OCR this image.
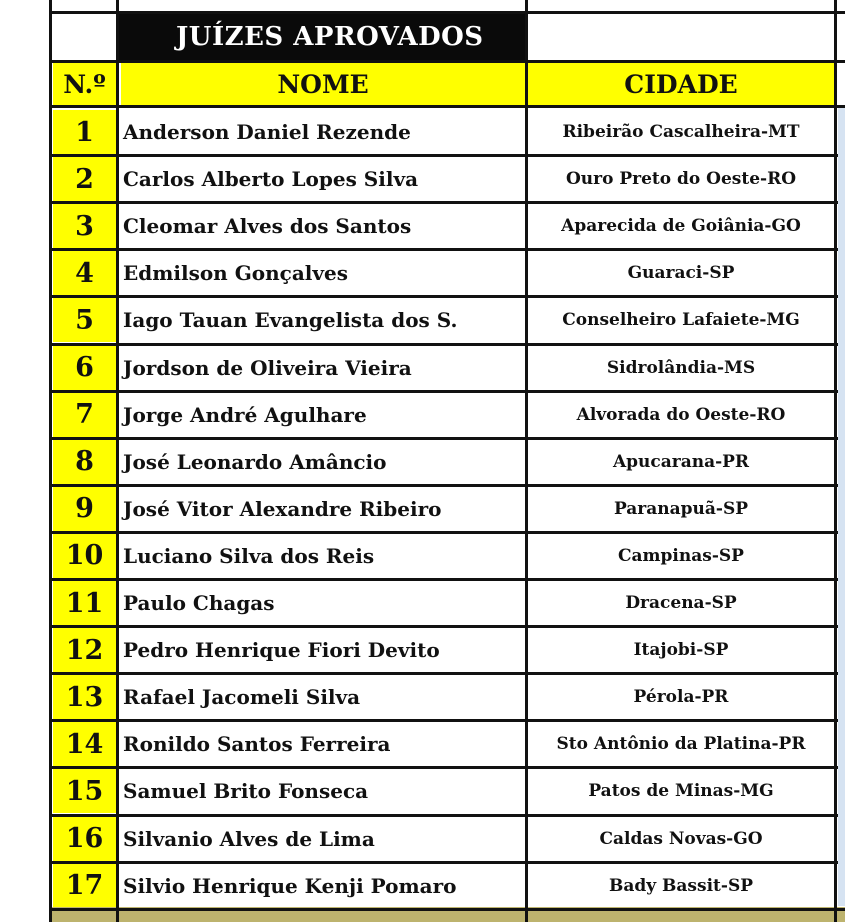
JUÍZES APROVADOS
N.º	NOME	CIDADE
1	Anderson Daniel Rezende	Ribeirão Cascalheira-MT
2	Carlos Alberto Lopes Silva	Ouro Preto do Oeste-RO
3	Cleomar Alves dos Santos	Aparecida de Goiânia-GO
4	Edmilson Gonçalves	Guaraci-SP
5	Iago Tauan Evangelista dos S.	Conselheiro Lafaiete-MG
6	Jordson de Oliveira Vieira	Sidrolândia-MS
7	Jorge André Agulhare	Alvorada do Oeste-RO
8	José Leonardo Amâncio	Apucarana-PR
9	José Vitor Alexandre Ribeiro	Paranapuã-SP
10 Luciano Silva dos Reis	Campinas-SP
11 Paulo Chagas	Dracena-SP
12 Pedro Henrique Fiori Devito	Itajobi-SP
13 Rafael Jacomeli Silva	Pérola-PR
14 Ronildo Santos Ferreira	Sto Antônio da Platina-PR
15 Samuel Brito Fonseca	Patos de Minas-MG
16 Silvanio Alves de Lima	Caldas Novas-GO
17 Silvio Henrique Kenji Pomaro	Bady Bassit-SP
